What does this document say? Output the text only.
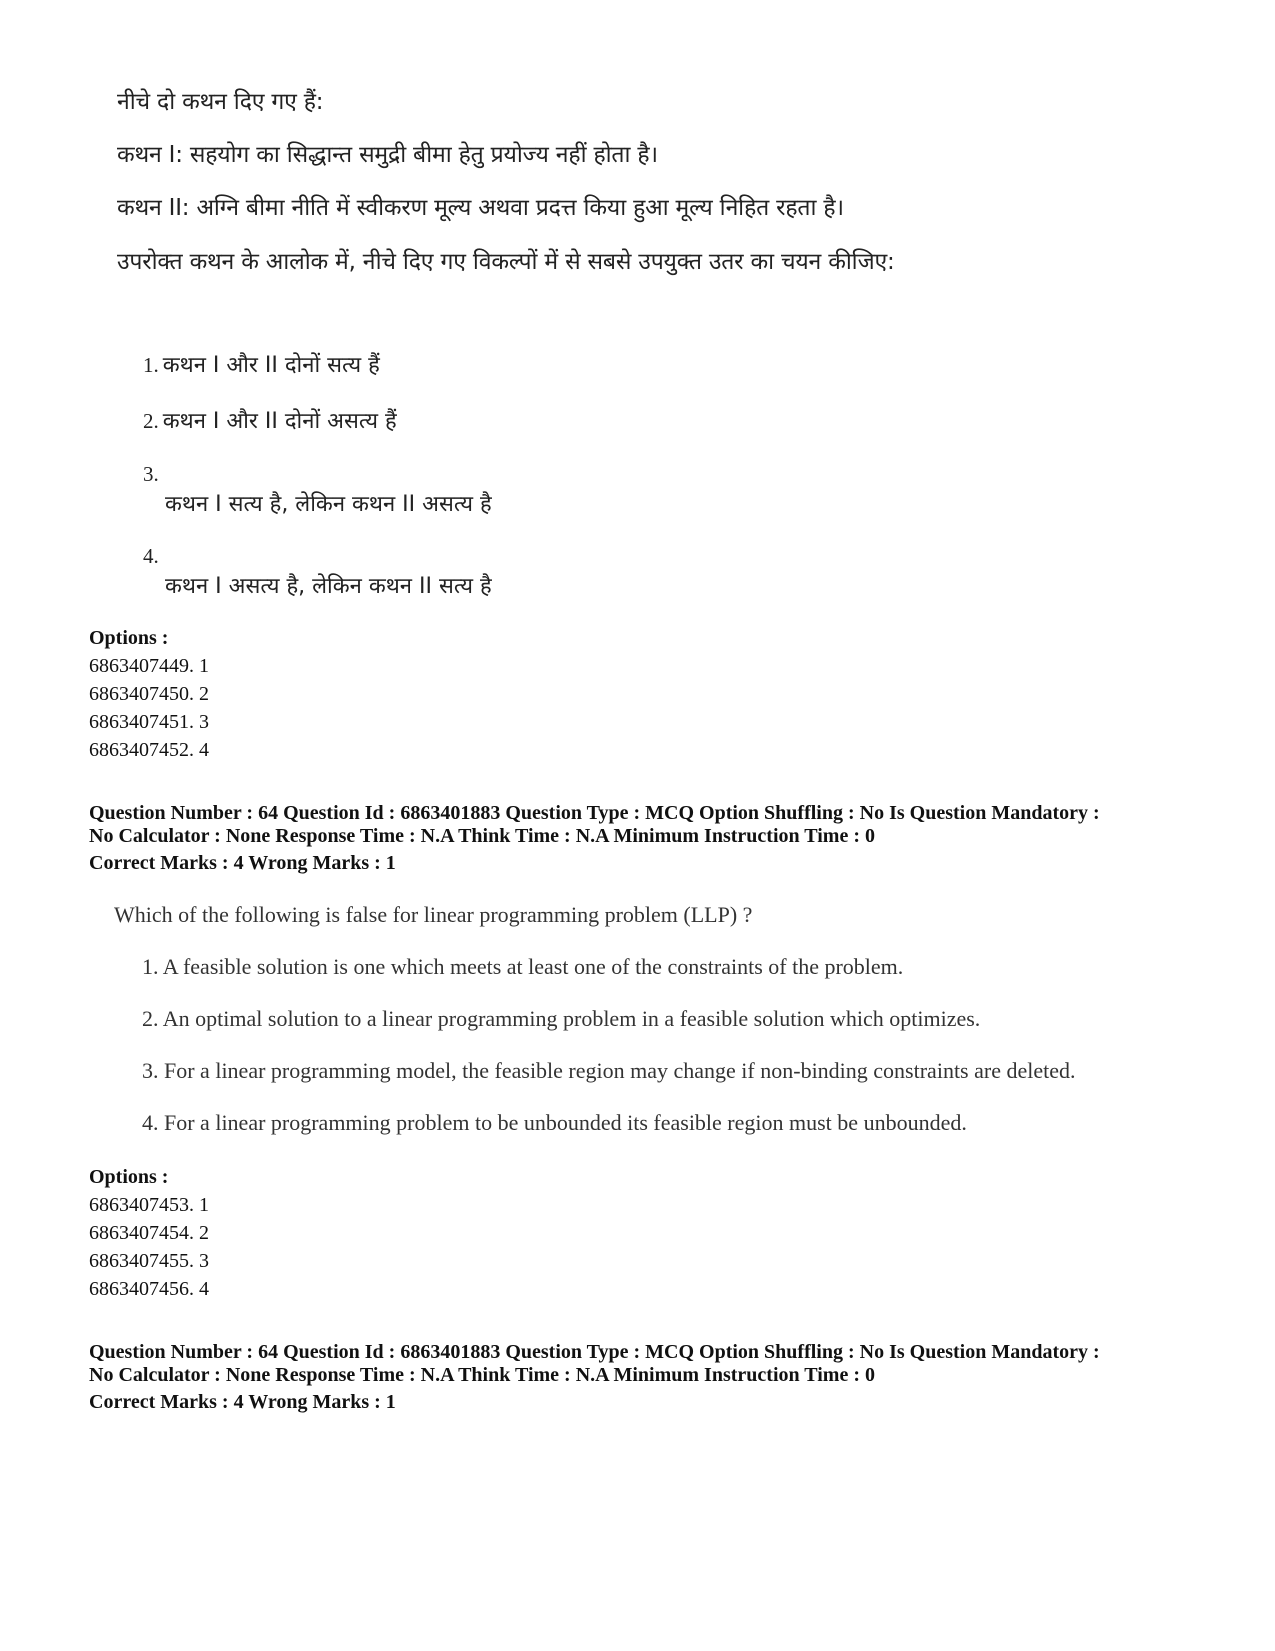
नीचे दो कथन दिए गए हैं:
कथन I: सहयोग का सिद्धान्त समुद्री बीमा हेतु प्रयोज्य नहीं होता है।
कथन II: अग्नि बीमा नीति में स्वीकरण मूल्य अथवा प्रदत्त किया हुआ मूल्य निहित रहता है।
उपरोक्त कथन के आलोक में, नीचे दिए गए विकल्पों में से सबसे उपयुक्त उतर का चयन कीजिए:
1. कथन I और II दोनों सत्य हैं
2. कथन I और II दोनों असत्य हैं
3.
कथन I सत्य है, लेकिन कथन II असत्य है
4.
कथन I असत्य है, लेकिन कथन II सत्य है
Options :
6863407449. 1
6863407450. 2
6863407451. 3
6863407452. 4
Question Number : 64 Question Id : 6863401883 Question Type : MCQ Option Shuffling : No Is Question Mandatory :
No Calculator : None Response Time : N.A Think Time : N.A Minimum Instruction Time : 0
Correct Marks : 4 Wrong Marks : 1
Which of the following is false for linear programming problem (LLP) ?
1. A feasible solution is one which meets at least one of the constraints of the problem.
2. An optimal solution to a linear programming problem in a feasible solution which optimizes.
3. For a linear programming model, the feasible region may change if non-binding constraints are deleted.
4. For a linear programming problem to be unbounded its feasible region must be unbounded.
Options :
6863407453. 1
6863407454. 2
6863407455. 3
6863407456. 4
Question Number : 64 Question Id : 6863401883 Question Type : MCQ Option Shuffling : No Is Question Mandatory :
No Calculator : None Response Time : N.A Think Time : N.A Minimum Instruction Time : 0
Correct Marks : 4 Wrong Marks : 1
